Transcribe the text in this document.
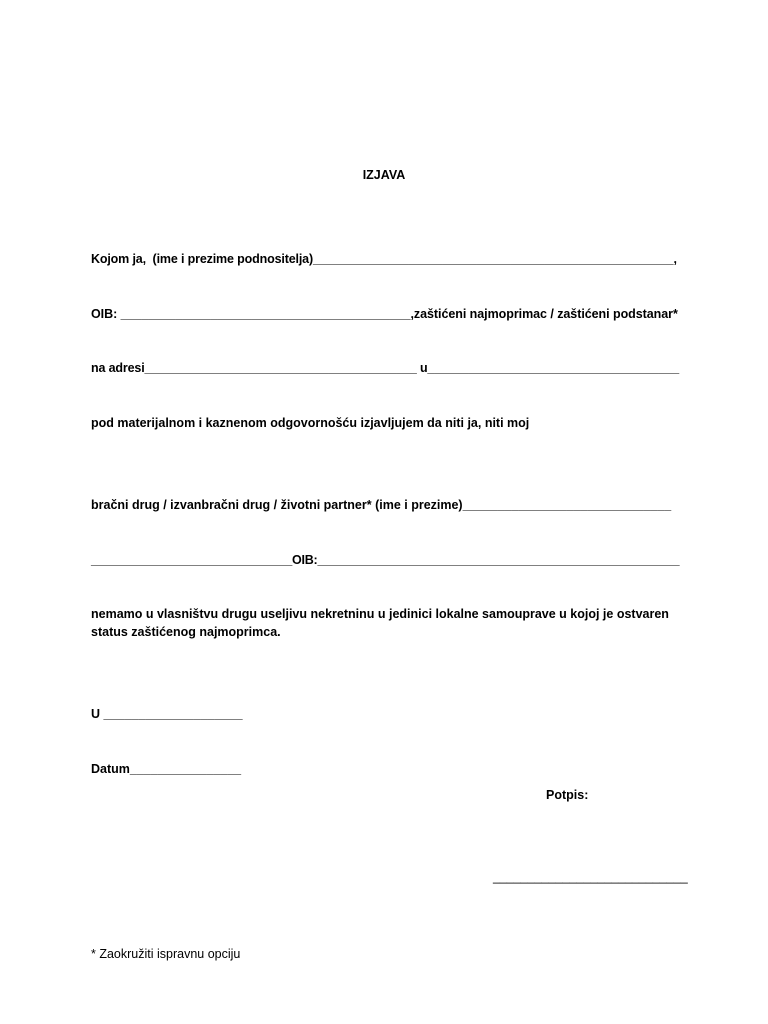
IZJAVA
Kojom ja,  (ime i prezime podnositelja)_____________________________________________________,
OIB: __________________________________________,zaštićeni najmoprimac / zaštićeni podstanar*
na adresi________________________________________ u_____________________________________
pod materijalnom i kaznenom odgovornošću izjavljujem da niti ja, niti moj
bračni drug / izvanbračni drug / životni partner* (ime i prezime)______________________________
______________________________OIB:______________________________________________________
nemamo u vlasništvu drugu useljivu nekretninu u jedinici lokalne samouprave u kojoj je ostvaren
status zaštićenog najmoprimca.
U ____________________
Datum________________
Potpis:
____________________________
* Zaokružiti ispravnu opciju
